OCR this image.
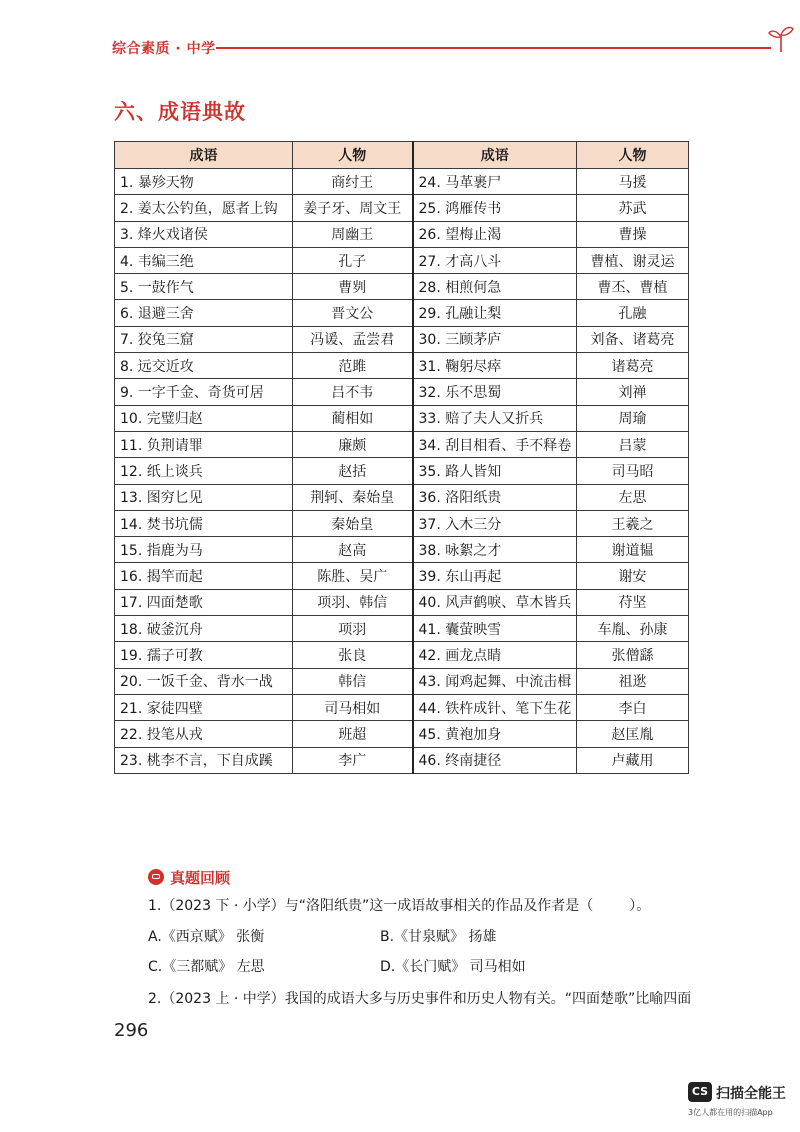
综合素质 · 中学
六、成语典故
成语	人物	成语	人物
1. 暴殄天物	商纣王	24. 马革裹尸	马援
2. 姜太公钓鱼，愿者上钩	姜子牙、周文王	25. 鸿雁传书	苏武
3. 烽火戏诸侯	周幽王	26. 望梅止渴	曹操
4. 韦编三绝	孔子	27. 才高八斗	曹植、谢灵运
5. 一鼓作气	曹刿	28. 相煎何急	曹丕、曹植
6. 退避三舍	晋文公	29. 孔融让梨	孔融
7. 狡兔三窟	冯谖、孟尝君	30. 三顾茅庐	刘备、诸葛亮
8. 远交近攻	范雎	31. 鞠躬尽瘁	诸葛亮
9. 一字千金、奇货可居	吕不韦	32. 乐不思蜀	刘禅
10. 完璧归赵	蔺相如	33. 赔了夫人又折兵	周瑜
11. 负荆请罪	廉颇	34. 刮目相看、手不释卷	吕蒙
12. 纸上谈兵	赵括	35. 路人皆知	司马昭
13. 图穷匕见	荆轲、秦始皇	36. 洛阳纸贵	左思
14. 焚书坑儒	秦始皇	37. 入木三分	王羲之
15. 指鹿为马	赵高	38. 咏絮之才	谢道韫
16. 揭竿而起	陈胜、吴广	39. 东山再起	谢安
17. 四面楚歌	项羽、韩信	40. 风声鹤唳、草木皆兵	苻坚
18. 破釜沉舟	项羽	41. 囊萤映雪	车胤、孙康
19. 孺子可教	张良	42. 画龙点睛	张僧繇
20. 一饭千金、背水一战	韩信	43. 闻鸡起舞、中流击楫	祖逖
21. 家徒四壁	司马相如	44. 铁杵成针、笔下生花	李白
22. 投笔从戎	班超	45. 黄袍加身	赵匡胤
23. 桃李不言，下自成蹊	李广	46. 终南捷径	卢藏用
真题回顾
1.（2023 下 · 小学）与“洛阳纸贵”这一成语故事相关的作品及作者是（	）。
A.《西京赋》 张衡	B.《甘泉赋》 扬雄
C.《三都赋》 左思	D.《长门赋》 司马相如
2.（2023 上 · 中学）我国的成语大多与历史事件和历史人物有关。“四面楚歌”比喻四面
296
CS 扫描全能王
3亿人都在用的扫描App
